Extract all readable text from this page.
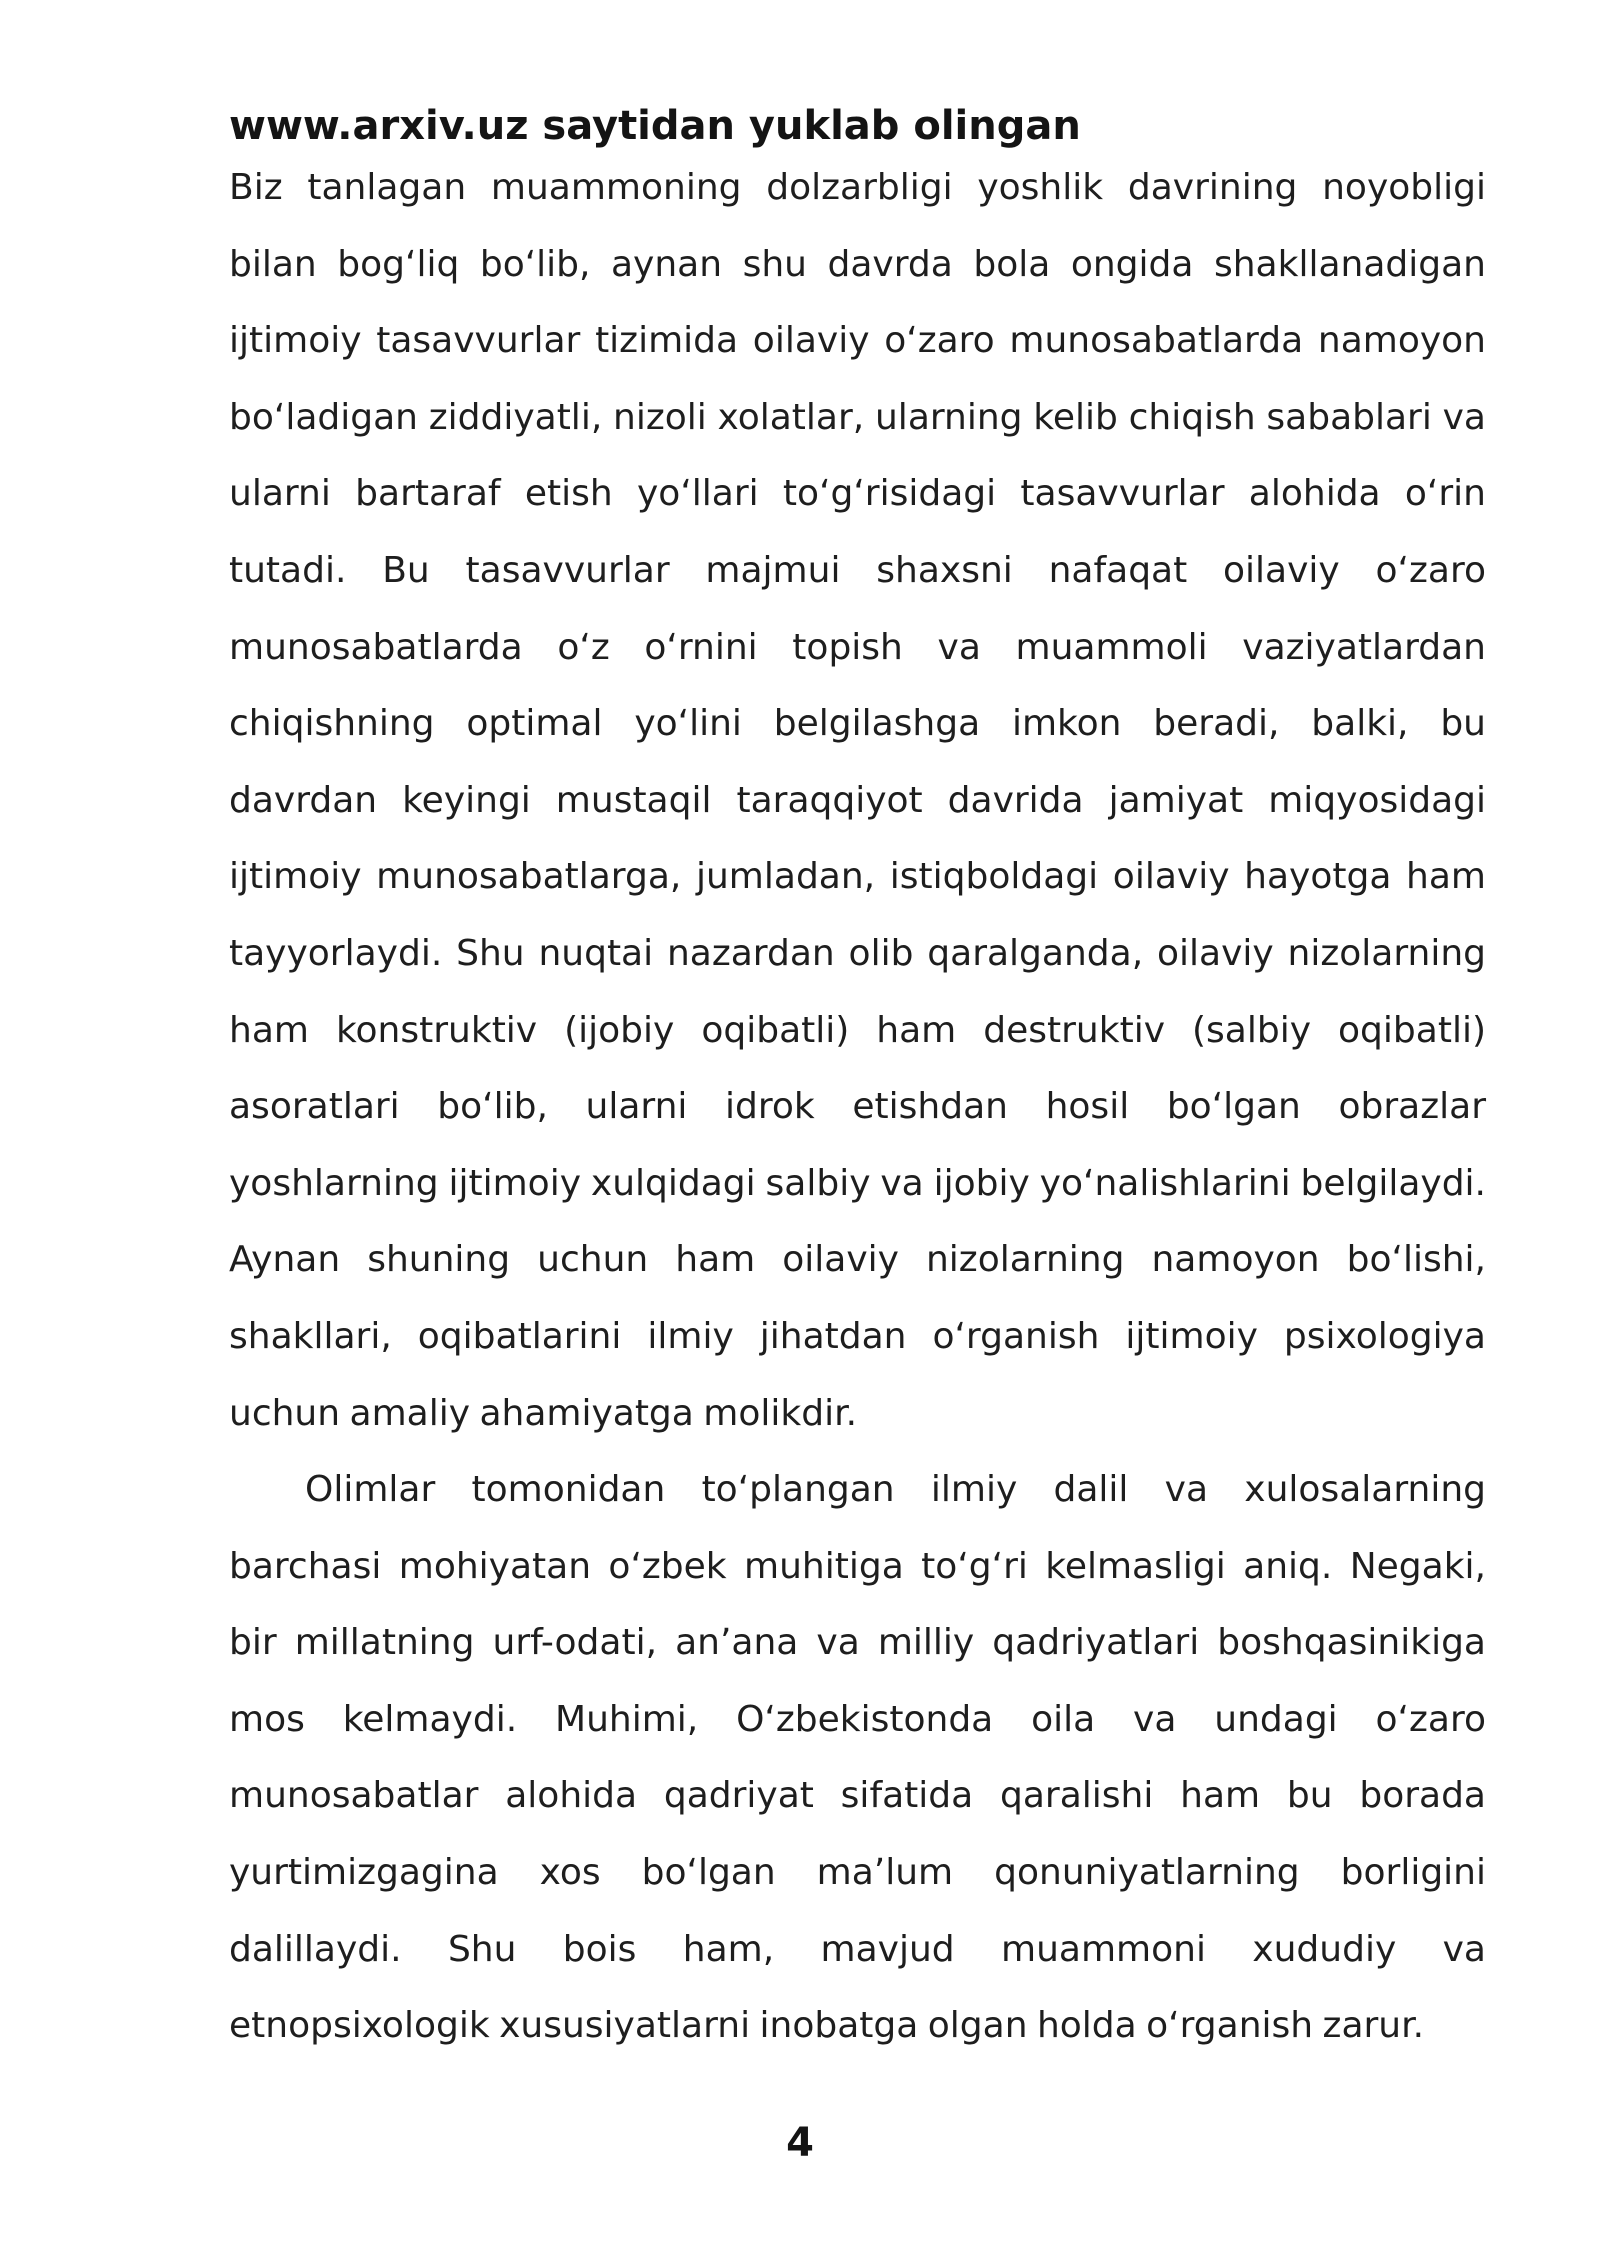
www.arxiv.uz saytidan yuklab olingan

Biz tanlagan muammoning dolzarbligi yoshlik davrining noyobligi bilan bogʻliq boʻlib, aynan shu davrda bola ongida shakllanadigan ijtimoiy tasavvurlar tizimida oilaviy oʻzaro munosabatlarda namoyon boʻladigan ziddiyatli, nizoli xolatlar, ularning kelib chiqish sabablari va ularni bartaraf etish yoʻllari toʻgʻrisidagi tasavvurlar alohida oʻrin tutadi. Bu tasavvurlar majmui shaxsni nafaqat oilaviy oʻzaro munosabatlarda oʻz oʻrnini topish va muammoli vaziyatlardan chiqishning optimal yoʻlini belgilashga imkon beradi, balki, bu davrdan keyingi mustaqil taraqqiyot davrida jamiyat miqyosidagi ijtimoiy munosabatlarga, jumladan, istiqboldagi oilaviy hayotga ham tayyorlaydi. Shu nuqtai nazardan olib qaralganda, oilaviy nizolarning ham konstruktiv (ijobiy oqibatli) ham destruktiv (salbiy oqibatli) asoratlari boʻlib, ularni idrok etishdan hosil boʻlgan obrazlar yoshlarning ijtimoiy xulqidagi salbiy va ijobiy yoʻnalishlarini belgilaydi. Aynan shuning uchun ham oilaviy nizolarning namoyon boʻlishi, shakllari, oqibatlarini ilmiy jihatdan oʻrganish ijtimoiy psixologiya uchun amaliy ahamiyatga molikdir.

Olimlar tomonidan toʻplangan ilmiy dalil va xulosalarning barchasi mohiyatan oʻzbek muhitiga toʻgʻri kelmasligi aniq. Negaki, bir millatning urf-odati, anʼana va milliy qadriyatlari boshqasinikiga mos kelmaydi. Muhimi, Oʻzbekistonda oila va undagi oʻzaro munosabatlar alohida qadriyat sifatida qaralishi ham bu borada yurtimizgagina xos boʻlgan maʼlum qonuniyatlarning borligini dalillaydi. Shu bois ham, mavjud muammoni xududiy va etnopsixologik xususiyatlarni inobatga olgan holda oʻrganish zarur.

4
